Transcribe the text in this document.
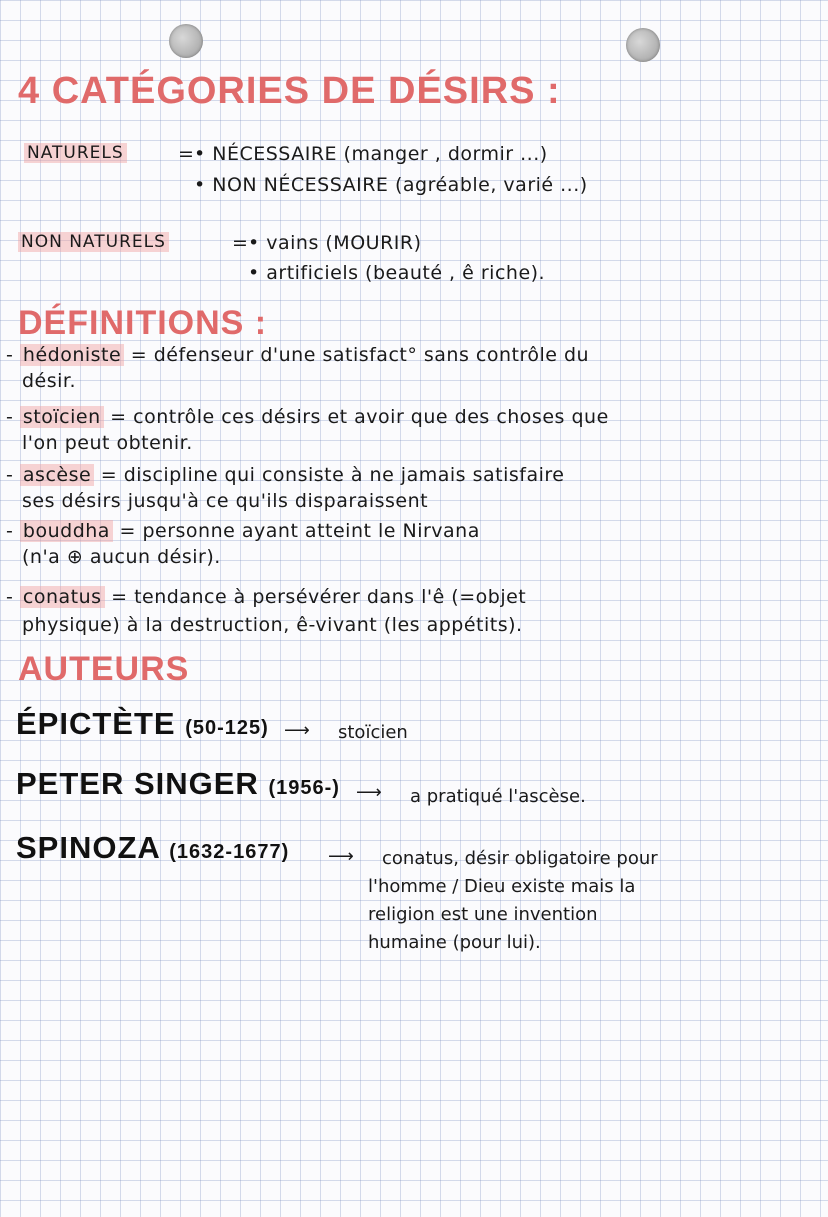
4 CATÉGORIES DE DÉSIRS :
NATURELS	= • NÉCESSAIRE (manger , dormir ...)
• NON NÉCESSAIRE (agréable, varié ...)
NON NATURELS	= • vains (MOURIR)
• artificiels (beauté , ê riche).
DÉFINITIONS :
- hédoniste = défenseur d'une satisfact° sans contrôle du
désir.
- stoïcien = contrôle ces désirs et avoir que des choses que
l'on peut obtenir.
- ascèse = discipline qui consiste à ne jamais satisfaire
ses désirs jusqu'à ce qu'ils disparaissent
- bouddha = personne ayant atteint le Nirvana
(n'a ⊕ aucun désir).
- conatus = tendance à persévérer dans l'ê (=objet
physique) à la destruction, ê-vivant (les appétits).
AUTEURS
ÉPICTÈTE (50-125) ⟶ stoïcien
PETER SINGER (1956-) ⟶ a pratiqué l'ascèse.
SPINOZA (1632-1677) ⟶ conatus, désir obligatoire pour
l'homme / Dieu existe mais la
religion est une invention
humaine (pour lui).
